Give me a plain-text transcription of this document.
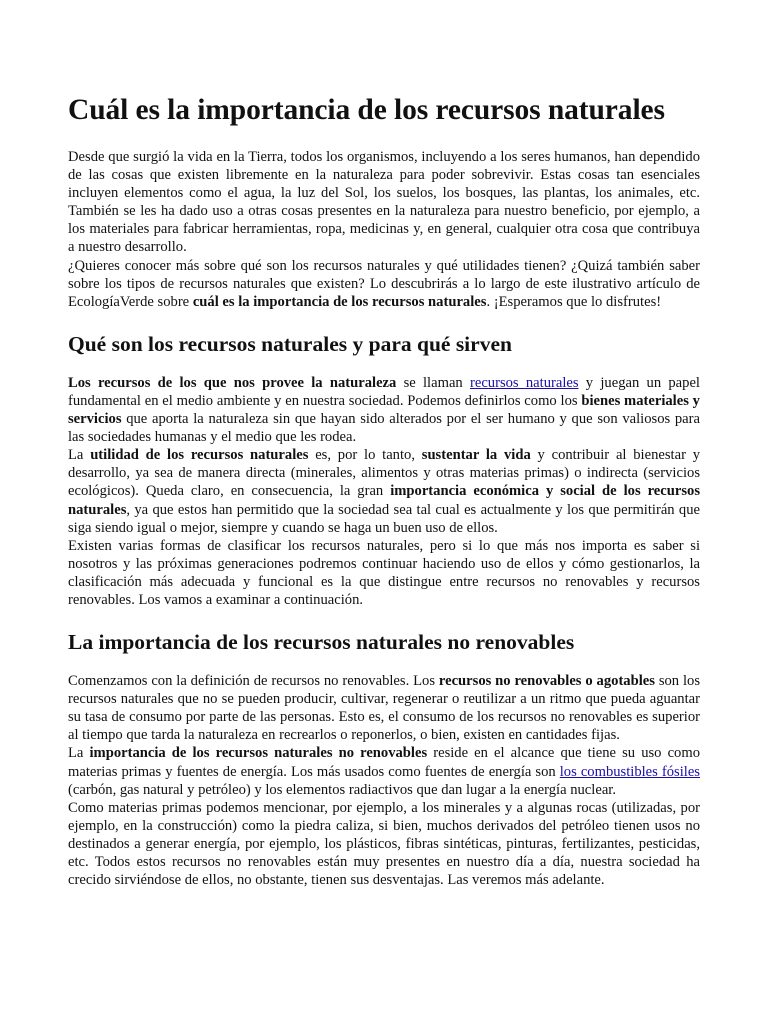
Cuál es la importancia de los recursos naturales

Desde que surgió la vida en la Tierra, todos los organismos, incluyendo a los seres humanos, han dependido de las cosas que existen libremente en la naturaleza para poder sobrevivir. Estas cosas tan esenciales incluyen elementos como el agua, la luz del Sol, los suelos, los bosques, las plantas, los animales, etc. También se les ha dado uso a otras cosas presentes en la naturaleza para nuestro beneficio, por ejemplo, a los materiales para fabricar herramientas, ropa, medicinas y, en general, cualquier otra cosa que contribuya a nuestro desarrollo.

¿Quieres conocer más sobre qué son los recursos naturales y qué utilidades tienen? ¿Quizá también saber sobre los tipos de recursos naturales que existen? Lo descubrirás a lo largo de este ilustrativo artículo de EcologíaVerde sobre cuál es la importancia de los recursos naturales. ¡Esperamos que lo disfrutes!

Qué son los recursos naturales y para qué sirven

Los recursos de los que nos provee la naturaleza se llaman recursos naturales y juegan un papel fundamental en el medio ambiente y en nuestra sociedad. Podemos definirlos como los bienes materiales y servicios que aporta la naturaleza sin que hayan sido alterados por el ser humano y que son valiosos para las sociedades humanas y el medio que les rodea.

La utilidad de los recursos naturales es, por lo tanto, sustentar la vida y contribuir al bienestar y desarrollo, ya sea de manera directa (minerales, alimentos y otras materias primas) o indirecta (servicios ecológicos). Queda claro, en consecuencia, la gran importancia económica y social de los recursos naturales, ya que estos han permitido que la sociedad sea tal cual es actualmente y los que permitirán que siga siendo igual o mejor, siempre y cuando se haga un buen uso de ellos.

Existen varias formas de clasificar los recursos naturales, pero si lo que más nos importa es saber si nosotros y las próximas generaciones podremos continuar haciendo uso de ellos y cómo gestionarlos, la clasificación más adecuada y funcional es la que distingue entre recursos no renovables y recursos renovables. Los vamos a examinar a continuación.

La importancia de los recursos naturales no renovables

Comenzamos con la definición de recursos no renovables. Los recursos no renovables o agotables son los recursos naturales que no se pueden producir, cultivar, regenerar o reutilizar a un ritmo que pueda aguantar su tasa de consumo por parte de las personas. Esto es, el consumo de los recursos no renovables es superior al tiempo que tarda la naturaleza en recrearlos o reponerlos, o bien, existen en cantidades fijas.

La importancia de los recursos naturales no renovables reside en el alcance que tiene su uso como materias primas y fuentes de energía. Los más usados como fuentes de energía son los combustibles fósiles (carbón, gas natural y petróleo) y los elementos radiactivos que dan lugar a la energía nuclear.

Como materias primas podemos mencionar, por ejemplo, a los minerales y a algunas rocas (utilizadas, por ejemplo, en la construcción) como la piedra caliza, si bien, muchos derivados del petróleo tienen usos no destinados a generar energía, por ejemplo, los plásticos, fibras sintéticas, pinturas, fertilizantes, pesticidas, etc. Todos estos recursos no renovables están muy presentes en nuestro día a día, nuestra sociedad ha crecido sirviéndose de ellos, no obstante, tienen sus desventajas. Las veremos más adelante.
